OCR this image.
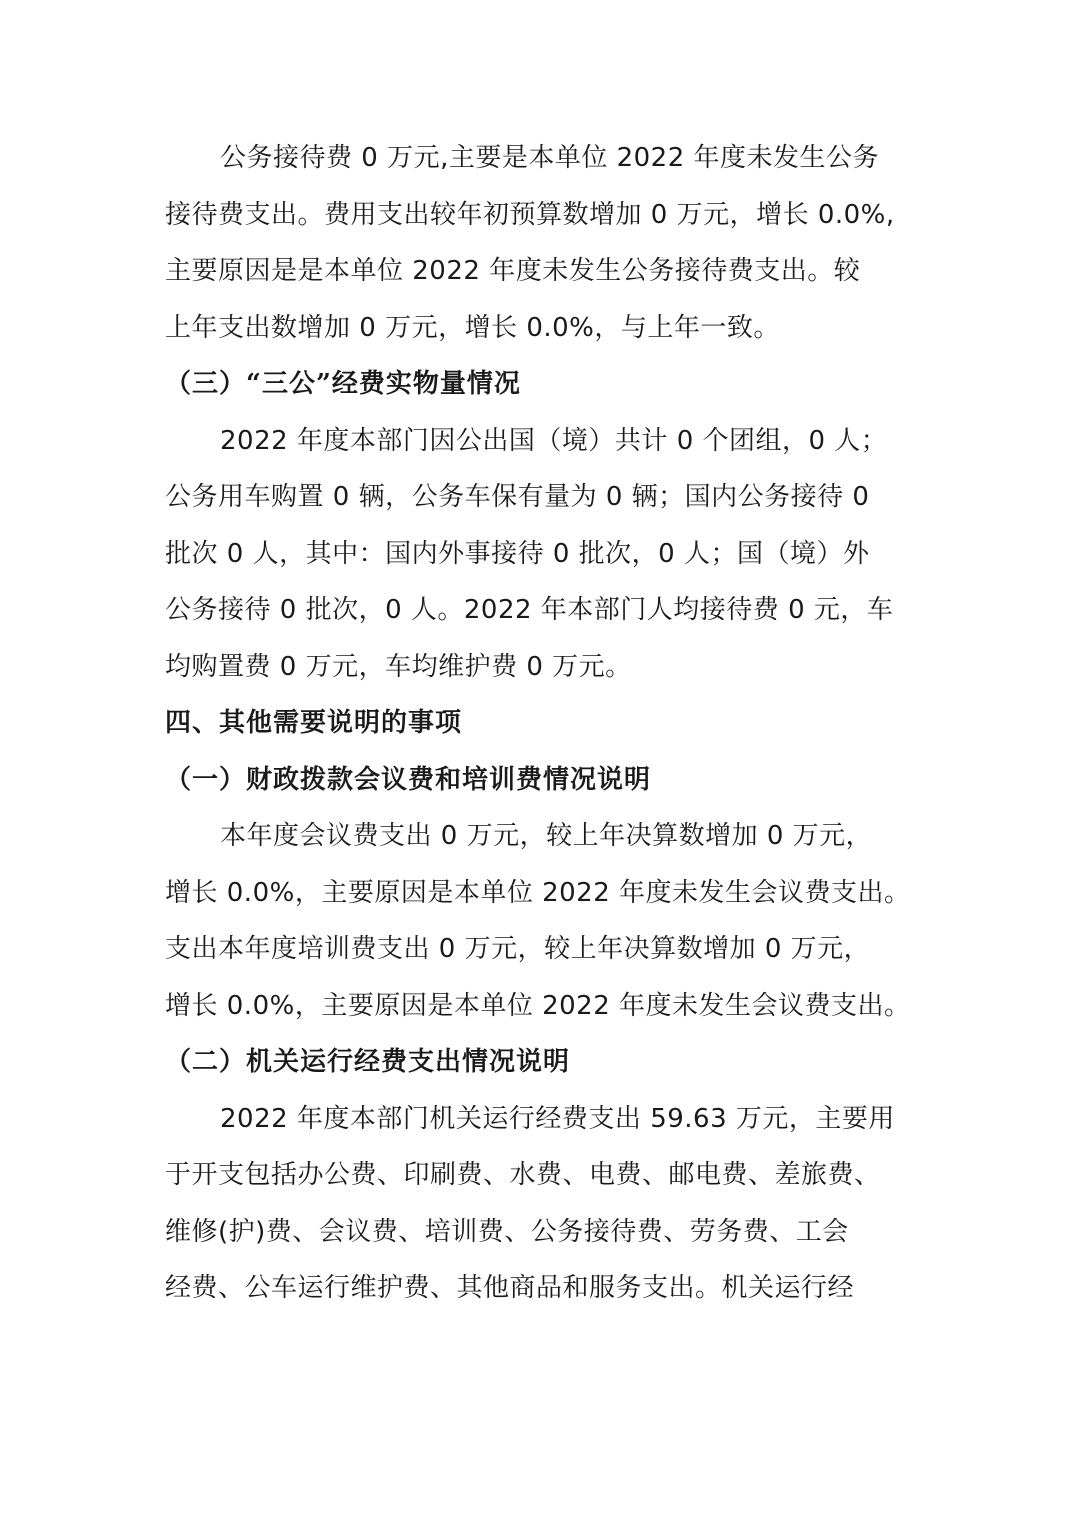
公务接待费 0 万元,主要是本单位 2022 年度未发生公务
接待费支出。费用支出较年初预算数增加 0 万元，增长 0.0%,
主要原因是是本单位 2022 年度未发生公务接待费支出。较
上年支出数增加 0 万元，增长 0.0%，与上年一致。
（三）“三公”经费实物量情况
2022 年度本部门因公出国（境）共计 0 个团组，0 人；
公务用车购置 0 辆，公务车保有量为 0 辆；国内公务接待 0
批次 0 人，其中：国内外事接待 0 批次，0 人；国（境）外
公务接待 0 批次，0 人。2022 年本部门人均接待费 0 元，车
均购置费 0 万元，车均维护费 0 万元。
四、其他需要说明的事项
（一）财政拨款会议费和培训费情况说明
本年度会议费支出 0 万元，较上年决算数增加 0 万元，
增长 0.0%，主要原因是本单位 2022 年度未发生会议费支出。
支出本年度培训费支出 0 万元，较上年决算数增加 0 万元，
增长 0.0%，主要原因是本单位 2022 年度未发生会议费支出。
（二）机关运行经费支出情况说明
2022 年度本部门机关运行经费支出 59.63 万元，主要用
于开支包括办公费、印刷费、水费、电费、邮电费、差旅费、
维修(护)费、会议费、培训费、公务接待费、劳务费、工会
经费、公车运行维护费、其他商品和服务支出。机关运行经
